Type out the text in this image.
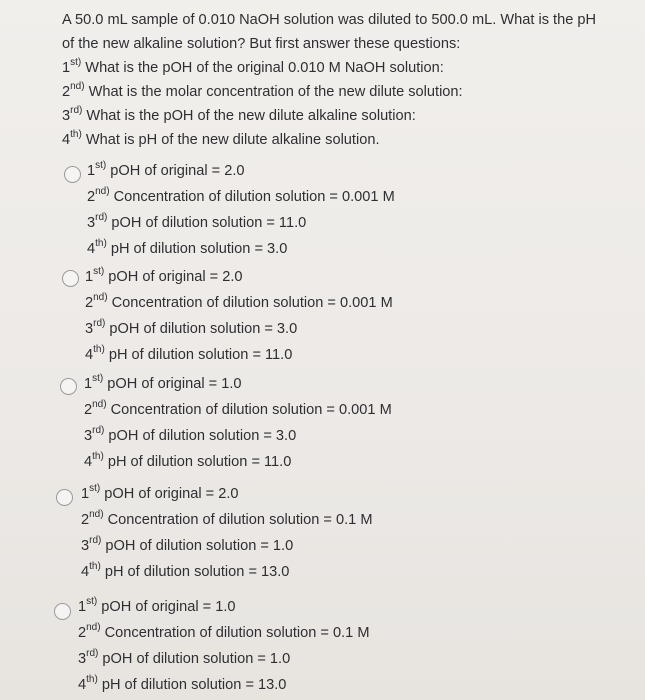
A 50.0 mL sample of 0.010 NaOH solution was diluted to 500.0 mL. What is the pH
of the new alkaline solution? But first answer these questions:
$1^{st)}$ What is the pOH of the original 0.010 M NaOH solution:
$2^{nd)}$ What is the molar concentration of the new dilute solution:
$3^{rd)}$ What is the pOH of the new dilute alkaline solution:
$4^{th)}$ What is pH of the new dilute alkaline solution.
$1^{st)}$ pOH of original = 2.0
$2^{nd)}$ Concentration of dilution solution = 0.001 M
$3^{rd)}$ pOH of dilution solution = 11.0
$4^{th)}$ pH of dilution solution = 3.0
$1^{st)}$ pOH of original = 2.0
$2^{nd)}$ Concentration of dilution solution = 0.001 M
$3^{rd)}$ pOH of dilution solution = 3.0
$4^{th)}$ pH of dilution solution = 11.0
$1^{st)}$ pOH of original = 1.0
$2^{nd)}$ Concentration of dilution solution = 0.001 M
$3^{rd)}$ pOH of dilution solution = 3.0
$4^{th)}$ pH of dilution solution = 11.0
$1^{st)}$ pOH of original = 2.0
$2^{nd)}$ Concentration of dilution solution = 0.1 M
$3^{rd)}$ pOH of dilution solution = 1.0
$4^{th)}$ pH of dilution solution = 13.0
$1^{st)}$ pOH of original = 1.0
$2^{nd)}$ Concentration of dilution solution = 0.1 M
$3^{rd)}$ pOH of dilution solution = 1.0
$4^{th)}$ pH of dilution solution = 13.0
